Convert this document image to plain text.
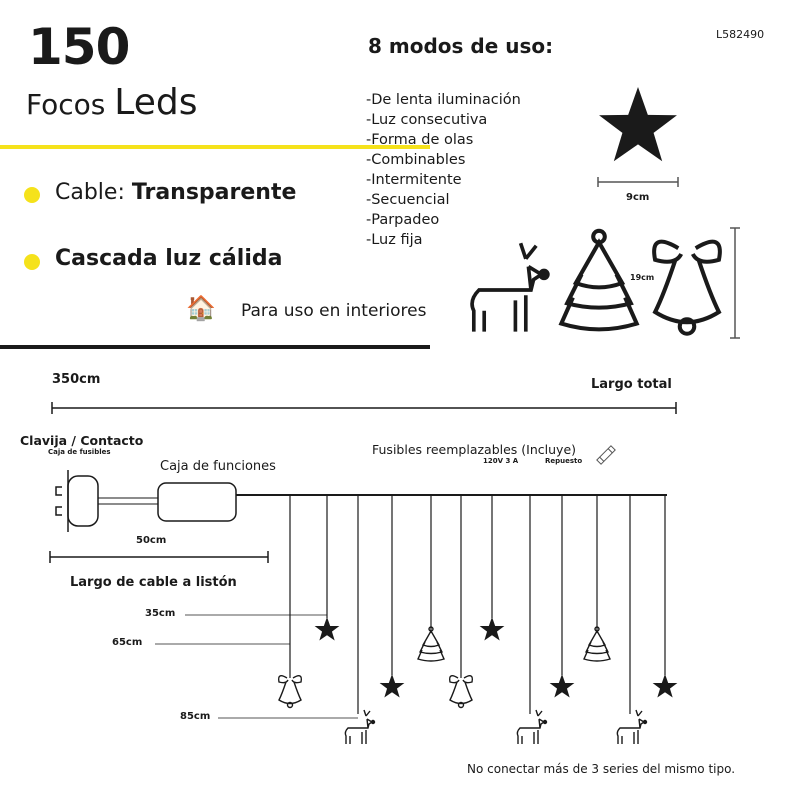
150
Focos Leds
L582490
Cable: Transparente
Cascada luz cálida
🏠 Para uso en interiores
8 modos de uso:
-De lenta iluminación
-Luz consecutiva
-Forma de olas
-Combinables
-Intermitente
-Secuencial
-Parpadeo
-Luz fija
19cm
9cm
350cm	Largo total
Clavija / Contacto
Caja de fusibles
Caja de funciones
Fusibles reemplazables (Incluye)
120V 3 A	Repuesto
50cm
Largo de cable a listón
35cm
65cm
85cm
No conectar más de 3 series del mismo tipo.
